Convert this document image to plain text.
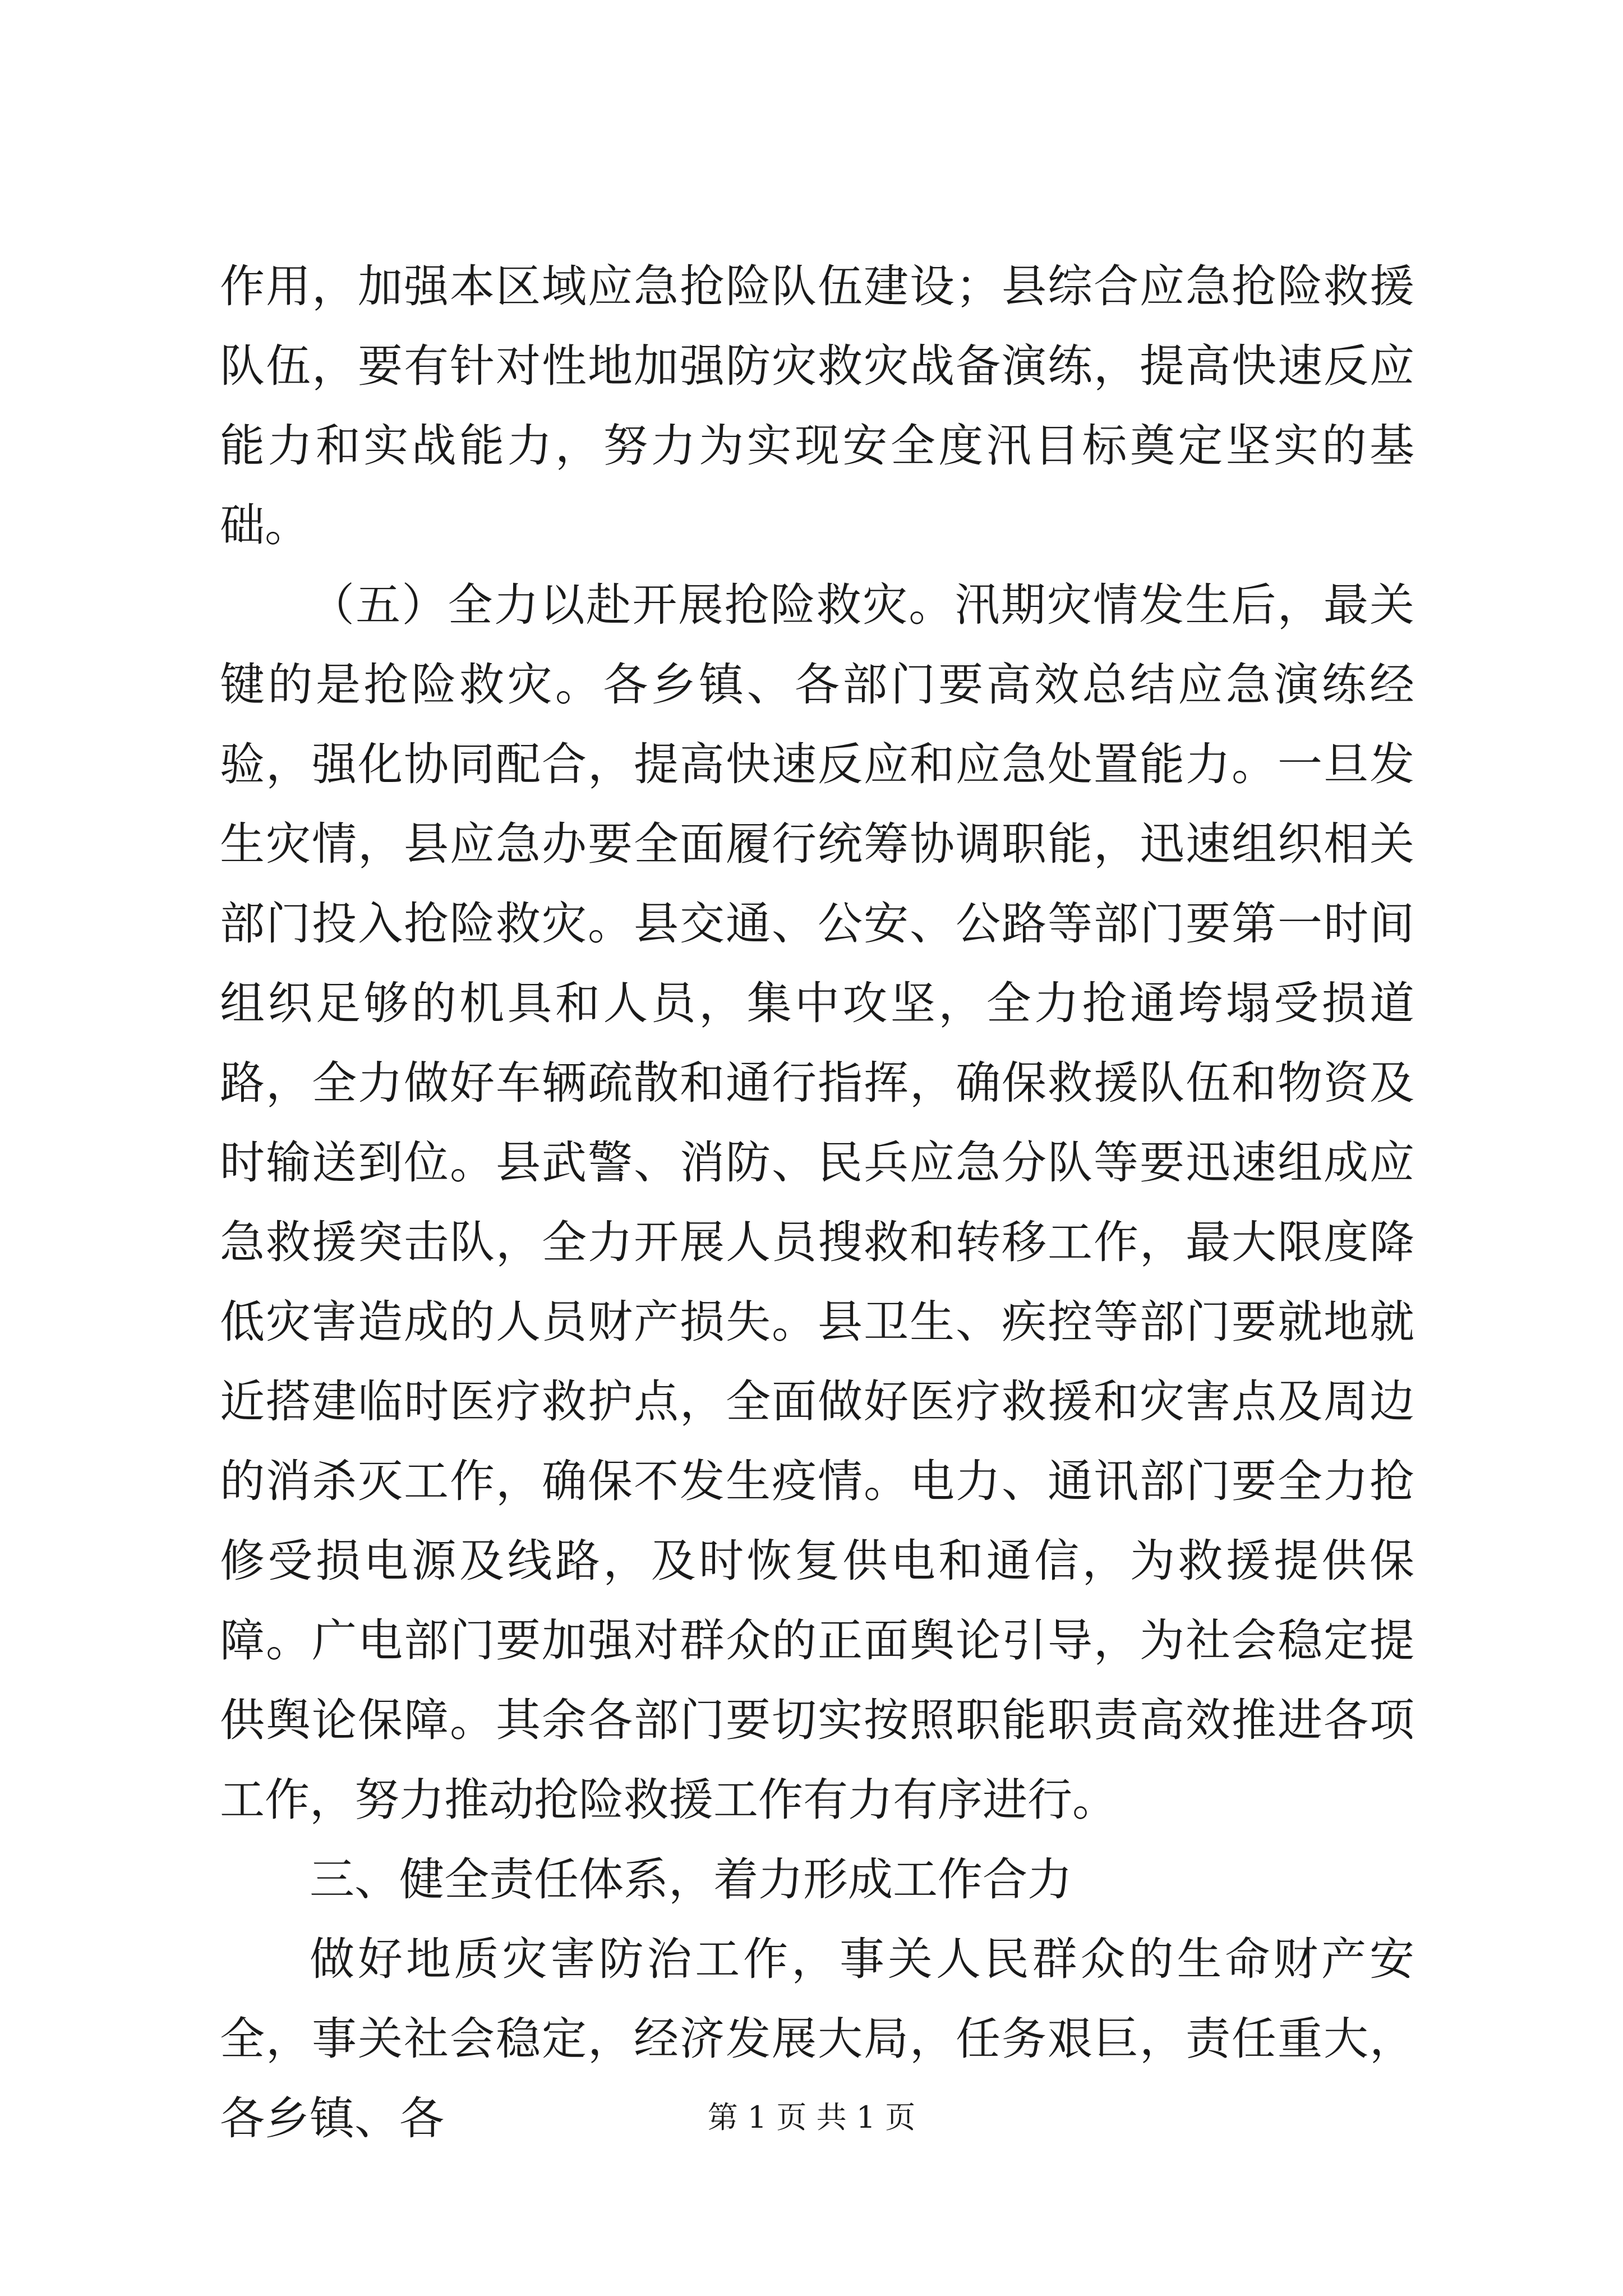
作用，加强本区域应急抢险队伍建设；县综合应急抢险救援队伍，要有针对性地加强防灾救灾战备演练，提高快速反应能力和实战能力，努力为实现安全度汛目标奠定坚实的基础。

（五）全力以赴开展抢险救灾。汛期灾情发生后，最关键的是抢险救灾。各乡镇、各部门要高效总结应急演练经验，强化协同配合，提高快速反应和应急处置能力。一旦发生灾情，县应急办要全面履行统筹协调职能，迅速组织相关部门投入抢险救灾。县交通、公安、公路等部门要第一时间组织足够的机具和人员，集中攻坚，全力抢通垮塌受损道路，全力做好车辆疏散和通行指挥，确保救援队伍和物资及时输送到位。县武警、消防、民兵应急分队等要迅速组成应急救援突击队，全力开展人员搜救和转移工作，最大限度降低灾害造成的人员财产损失。县卫生、疾控等部门要就地就近搭建临时医疗救护点，全面做好医疗救援和灾害点及周边的消杀灭工作，确保不发生疫情。电力、通讯部门要全力抢修受损电源及线路，及时恢复供电和通信，为救援提供保障。广电部门要加强对群众的正面舆论引导，为社会稳定提供舆论保障。其余各部门要切实按照职能职责高效推进各项工作，努力推动抢险救援工作有力有序进行。

三、健全责任体系，着力形成工作合力

做好地质灾害防治工作，事关人民群众的生命财产安全，事关社会稳定，经济发展大局，任务艰巨，责任重大，各乡镇、各	第 1 页 共 1 页
